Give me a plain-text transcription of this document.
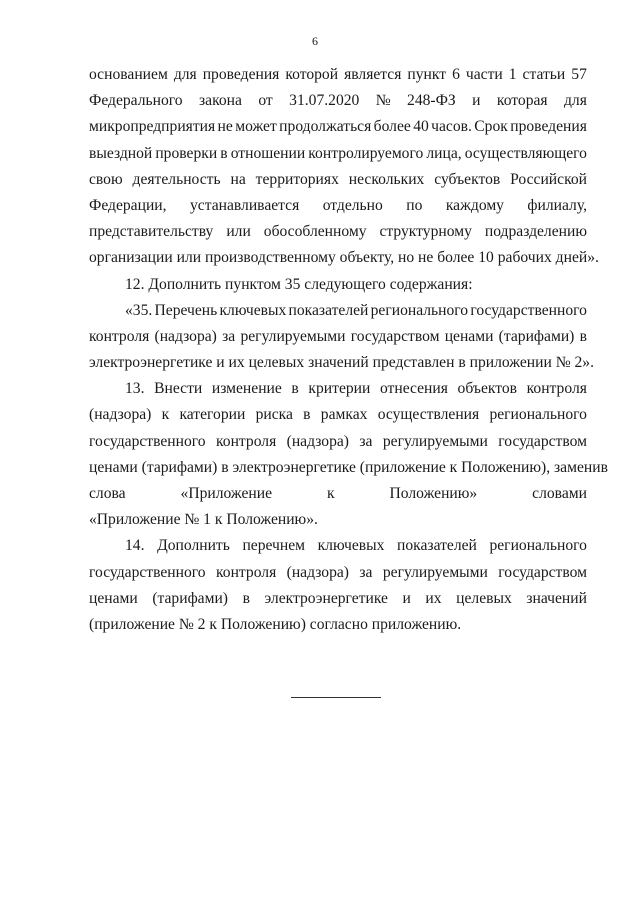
6
основанием для проведения которой является пункт 6 части 1 статьи 57
Федерального закона от 31.07.2020 № 248-ФЗ и которая для
микропредприятия не может продолжаться более 40 часов. Срок проведения
выездной проверки в отношении контролируемого лица, осуществляющего
свою деятельность на территориях нескольких субъектов Российской
Федерации, устанавливается отдельно по каждому филиалу,
представительству или обособленному структурному подразделению
организации или производственному объекту, но не более 10 рабочих дней».
12. Дополнить пунктом 35 следующего содержания:
«35. Перечень ключевых показателей регионального государственного
контроля (надзора) за регулируемыми государством ценами (тарифами) в
электроэнергетике и их целевых значений представлен в приложении № 2».
13. Внести изменение в критерии отнесения объектов контроля
(надзора) к категории риска в рамках осуществления регионального
государственного контроля (надзора) за регулируемыми государством
ценами (тарифами) в электроэнергетике (приложение к Положению), заменив
слова	«Приложение	к	Положению»	словами
«Приложение № 1 к Положению».
14. Дополнить перечнем ключевых показателей регионального
государственного контроля (надзора) за регулируемыми государством
ценами (тарифами) в электроэнергетике и их целевых значений
(приложение № 2 к Положению) согласно приложению.
